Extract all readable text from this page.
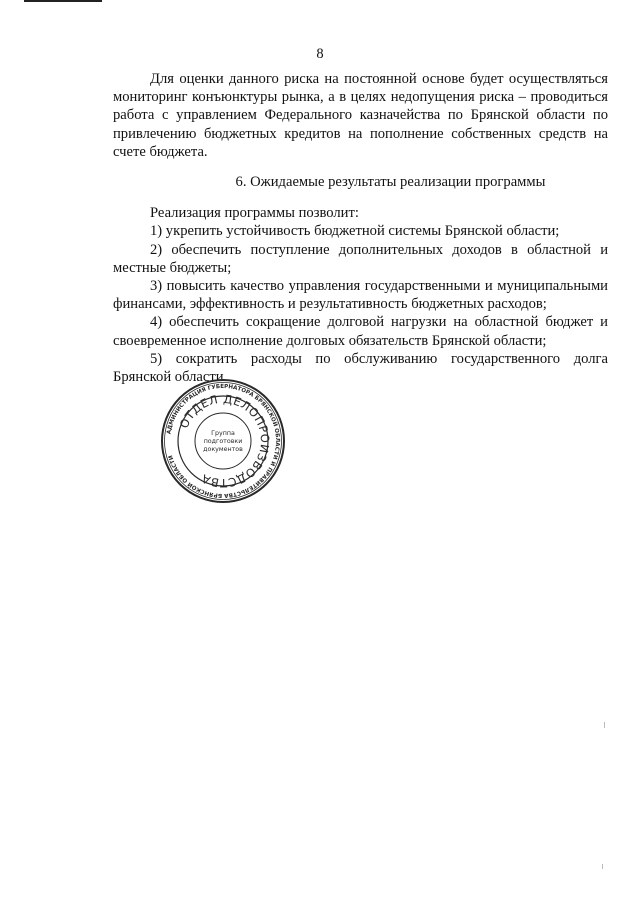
8

Для оценки данного риска на постоянной основе будет осуществляться мониторинг конъюнктуры рынка, а в целях недопущения риска – проводиться работа с управлением Федерального казначейства по Брянской области по привлечению бюджетных кредитов на пополнение собственных средств на счете бюджета.

6. Ожидаемые результаты реализации программы

Реализация программы позволит:

1) укрепить устойчивость бюджетной системы Брянской области;

2) обеспечить поступление дополнительных доходов в областной и местные бюджеты;

3) повысить качество управления государственными и муниципальными финансами, эффективность и результативность бюджетных расходов;

4) обеспечить сокращение долговой нагрузки на областной бюджет и своевременное исполнение долговых обязательств Брянской области;

5) сократить расходы по обслуживанию государственного долга Брянской области.

АДМИНИСТРАЦИЯ ГУБЕРНАТОРА БРЯНСКОЙ ОБЛАСТИ И ПРАВИТЕЛЬСТВА БРЯНСКОЙ ОБЛАСТИ
ОТДЕЛ ДЕЛОПРОИЗВОДСТВА
Группа
подготовки
документов
